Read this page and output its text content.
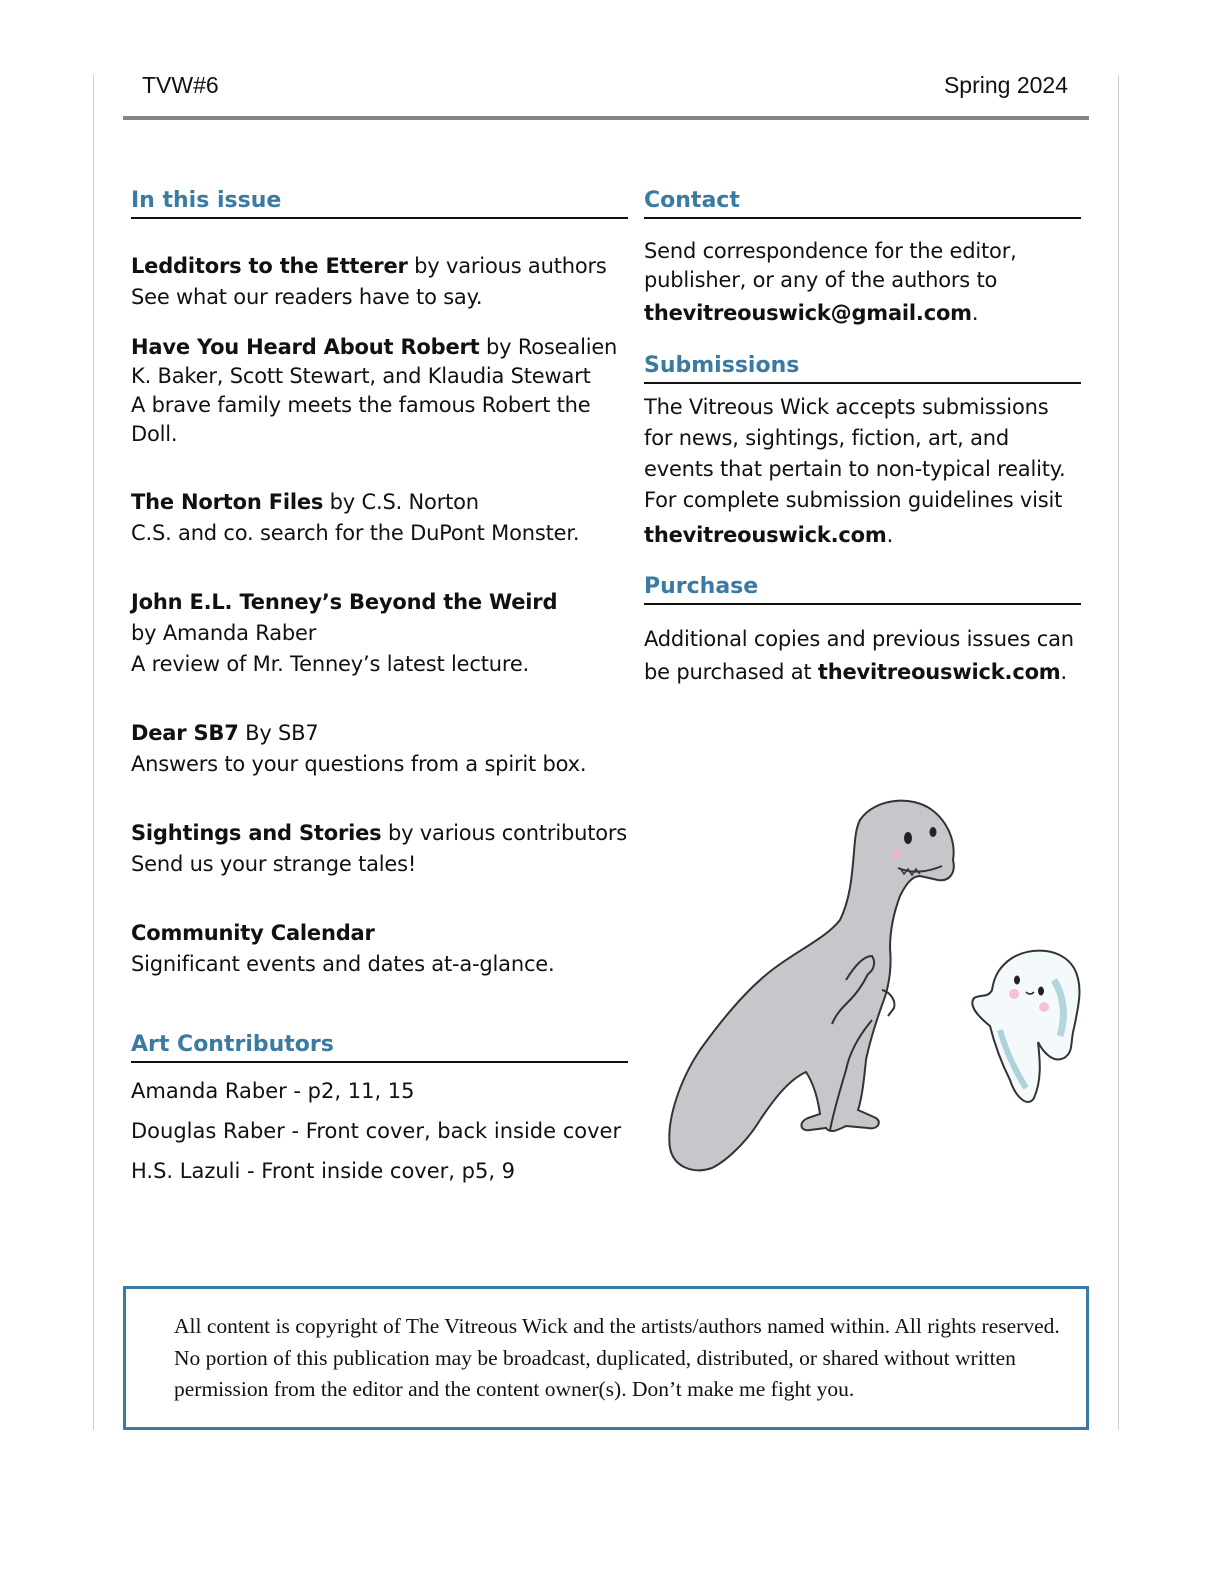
TVW#6	Spring 2024
In this issue
Ledditors to the Etterer by various authors
See what our readers have to say.
Have You Heard About Robert by Rosealien K. Baker, Scott Stewart, and Klaudia Stewart
A brave family meets the famous Robert the Doll.
The Norton Files by C.S. Norton
C.S. and co. search for the DuPont Monster.
John E.L. Tenney’s Beyond the Weird
by Amanda Raber
A review of Mr. Tenney’s latest lecture.
Dear SB7 By SB7
Answers to your questions from a spirit box.
Sightings and Stories by various contributors
Send us your strange tales!
Community Calendar
Significant events and dates at-a-glance.
Art Contributors

Amanda Raber - p2, 11, 15

Douglas Raber - Front cover, back inside cover

H.S. Lazuli - Front inside cover, p5, 9

Contact
Send correspondence for the editor, publisher, or any of the authors to
thevitreouswick@gmail.com.
Submissions
The Vitreous Wick accepts submissions for news, sightings, fiction, art, and events that pertain to non-typical reality. For complete submission guidelines visit
thevitreouswick.com.
Purchase
Additional copies and previous issues can be purchased at thevitreouswick.com.
All content is copyright of The Vitreous Wick and the artists/authors named within. All rights reserved. No portion of this publication may be broadcast, duplicated, distributed, or shared without written permission from the editor and the content owner(s). Don’t make me fight you.
